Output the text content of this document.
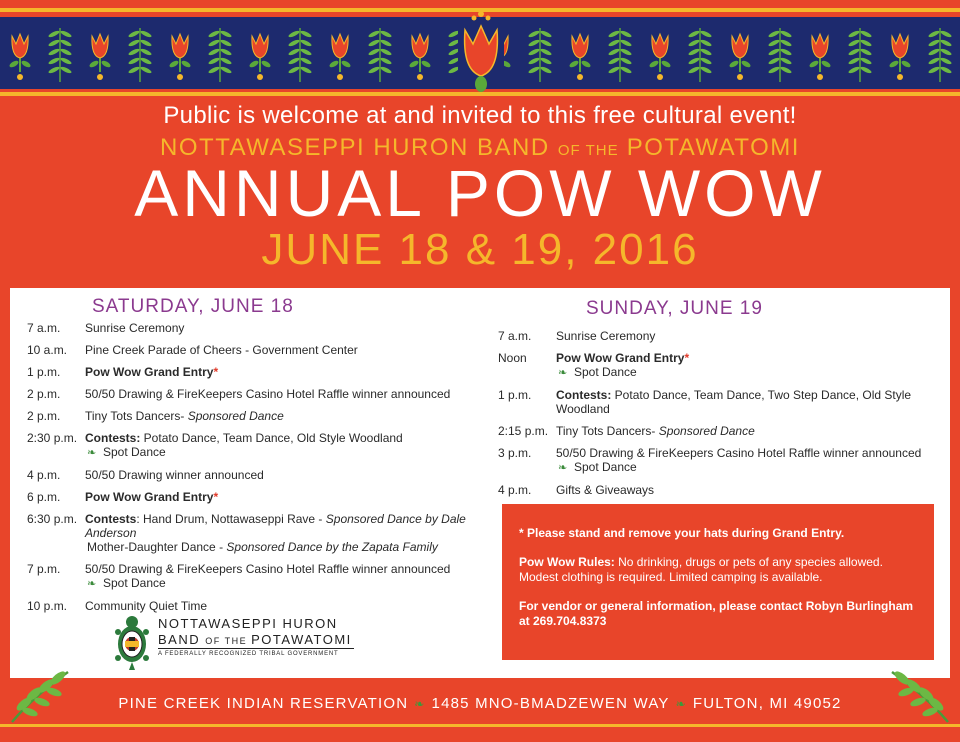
Public is welcome at and invited to this free cultural event!
NOTTAWASEPPI HURON BAND OF THE POTAWATOMI
ANNUAL POW WOW
JUNE 18 & 19, 2016
SATURDAY, JUNE 18	SUNDAY, JUNE 19
7 a.m.	Sunrise Ceremony
10 a.m.	Pine Creek Parade of Cheers - Government Center
1 p.m.	Pow Wow Grand Entry*
2 p.m.	50/50 Drawing & FireKeepers Casino Hotel Raffle winner announced
2 p.m.	Tiny Tots Dancers- Sponsored Dance
2:30 p.m. Contests: Potato Dance, Team Dance, Old Style Woodland
❧ Spot Dance
4 p.m.	50/50 Drawing winner announced
6 p.m.	Pow Wow Grand Entry*
6:30 p.m. Contests: Hand Drum, Nottawaseppi Rave - Sponsored Dance by Dale Anderson
Mother-Daughter Dance - Sponsored Dance by the Zapata Family
7 p.m.	50/50 Drawing & FireKeepers Casino Hotel Raffle winner announced
❧ Spot Dance
10 p.m.	Community Quiet Time
7 a.m.	Sunrise Ceremony
Noon	Pow Wow Grand Entry*
❧ Spot Dance
1 p.m.	Contests: Potato Dance, Team Dance, Two Step Dance, Old Style Woodland
2:15 p.m. Tiny Tots Dancers- Sponsored Dance
3 p.m.	50/50 Drawing & FireKeepers Casino Hotel Raffle winner announced
❧ Spot Dance
4 p.m.	Gifts & Giveaways

* Please stand and remove your hats during Grand Entry.

Pow Wow Rules: No drinking, drugs or pets of any species allowed. Modest clothing is required. Limited camping is available.

For vendor or general information, please contact Robyn Burlingham at 269.704.8373

NOTTAWASEPPI HURON
BAND OF THE POTAWATOMI
A FEDERALLY RECOGNIZED TRIBAL GOVERNMENT
PINE CREEK INDIAN RESERVATION ❧ 1485 MNO-BMADZEWEN WAY ❧ FULTON, MI 49052
